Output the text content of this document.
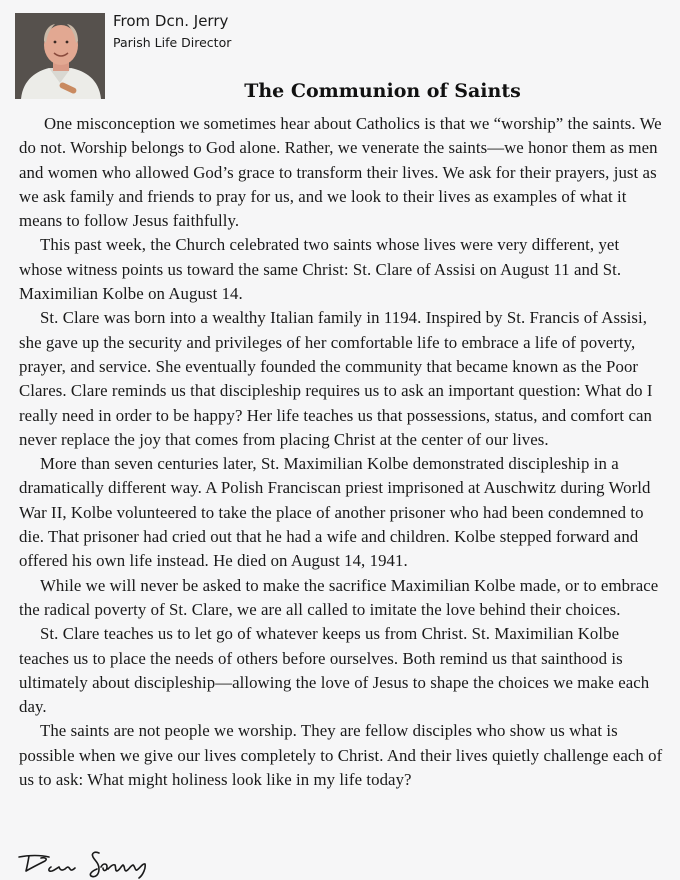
From Dcn. Jerry
Parish Life Director
The Communion of Saints

One misconception we sometimes hear about Catholics is that we “worship” the saints. We do not. Worship belongs to God alone. Rather, we venerate the saints—we honor them as men and women who allowed God’s grace to transform their lives. We ask for their prayers, just as we ask family and friends to pray for us, and we look to their lives as examples of what it means to follow Jesus faithfully.

This past week, the Church celebrated two saints whose lives were very different, yet whose witness points us toward the same Christ: St. Clare of Assisi on August 11 and St. Maximilian Kolbe on August 14.

St. Clare was born into a wealthy Italian family in 1194. Inspired by St. Francis of Assisi, she gave up the security and privileges of her comfortable life to embrace a life of poverty, prayer, and service. She eventually founded the community that became known as the Poor Clares. Clare reminds us that discipleship requires us to ask an important question: What do I really need in order to be happy? Her life teaches us that possessions, status, and comfort can never replace the joy that comes from placing Christ at the center of our lives.

More than seven centuries later, St. Maximilian Kolbe demonstrated discipleship in a dramatically different way. A Polish Franciscan priest imprisoned at Auschwitz during World War II, Kolbe volunteered to take the place of another prisoner who had been condemned to die. That prisoner had cried out that he had a wife and children. Kolbe stepped forward and offered his own life instead. He died on August 14, 1941.

While we will never be asked to make the sacrifice Maximilian Kolbe made, or to embrace the radical poverty of St. Clare, we are all called to imitate the love behind their choices.

St. Clare teaches us to let go of whatever keeps us from Christ. St. Maximilian Kolbe teaches us to place the needs of others before ourselves. Both remind us that sainthood is ultimately about discipleship—allowing the love of Jesus to shape the choices we make each day.

The saints are not people we worship. They are fellow disciples who show us what is possible when we give our lives completely to Christ. And their lives quietly challenge each of us to ask: What might holiness look like in my life today?
